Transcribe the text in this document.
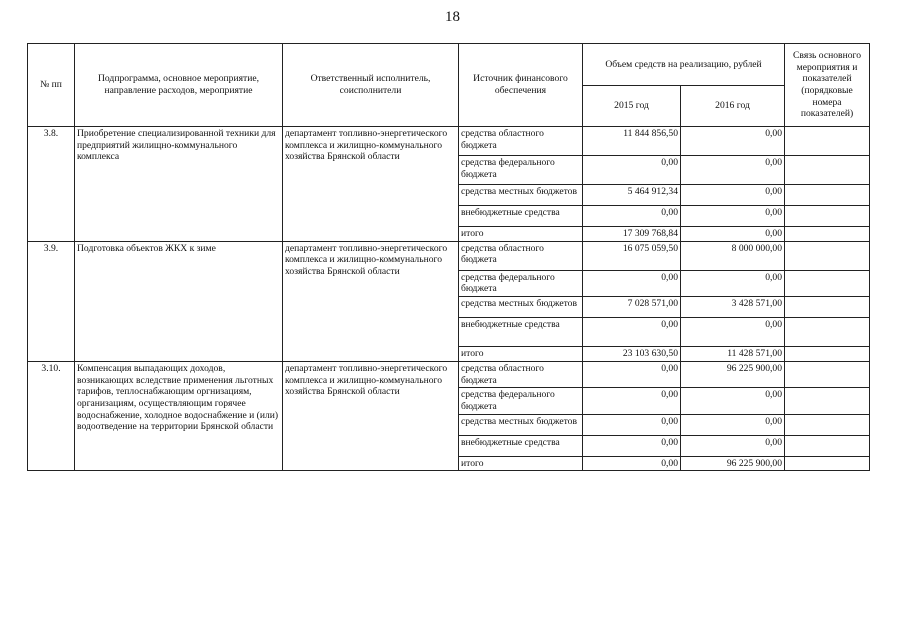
18
№ пп	Подпрограмма, основное мероприятие, направление расходов, мероприятие	Ответственный исполнитель, соисполнители	Источник финансового обеспечения	Объем средств на реализацию, рублей		Связь основного мероприятия и показателей (порядковые номера показателей)
				2015 год	2016 год	
3.8.	Приобретение специализированной техники для предприятий жилищно-коммунального комплекса	департамент топливно-энергетического комплекса и жилищно-коммунального хозяйства Брянской области	средства областного бюджета	11 844 856,50	0,00	
			средства федерального бюджета	0,00	0,00	
			средства местных бюджетов	5 464 912,34	0,00	
			внебюджетные средства	0,00	0,00	
			итого	17 309 768,84	0,00	
3.9.	Подготовка объектов ЖКХ к зиме	департамент топливно-энергетического комплекса и жилищно-коммунального хозяйства Брянской области	средства областного бюджета	16 075 059,50	8 000 000,00	
			средства федерального бюджета	0,00	0,00	
			средства местных бюджетов	7 028 571,00	3 428 571,00	
			внебюджетные средства	0,00	0,00	
			итого	23 103 630,50	11 428 571,00	
3.10.	Компенсация выпадающих доходов, возникающих вследствие применения льготных тарифов, теплоснабжающим оргнизациям, организациям, осуществляющим горячее водоснабжение, холодное водоснабжение и (или) водоотведение на территории Брянской области	департамент топливно-энергетического комплекса и жилищно-коммунального хозяйства Брянской области	средства областного бюджета	0,00	96 225 900,00	
			средства федерального бюджета	0,00	0,00	
			средства местных бюджетов	0,00	0,00	
			внебюджетные средства	0,00	0,00	
			итого	0,00	96 225 900,00	
